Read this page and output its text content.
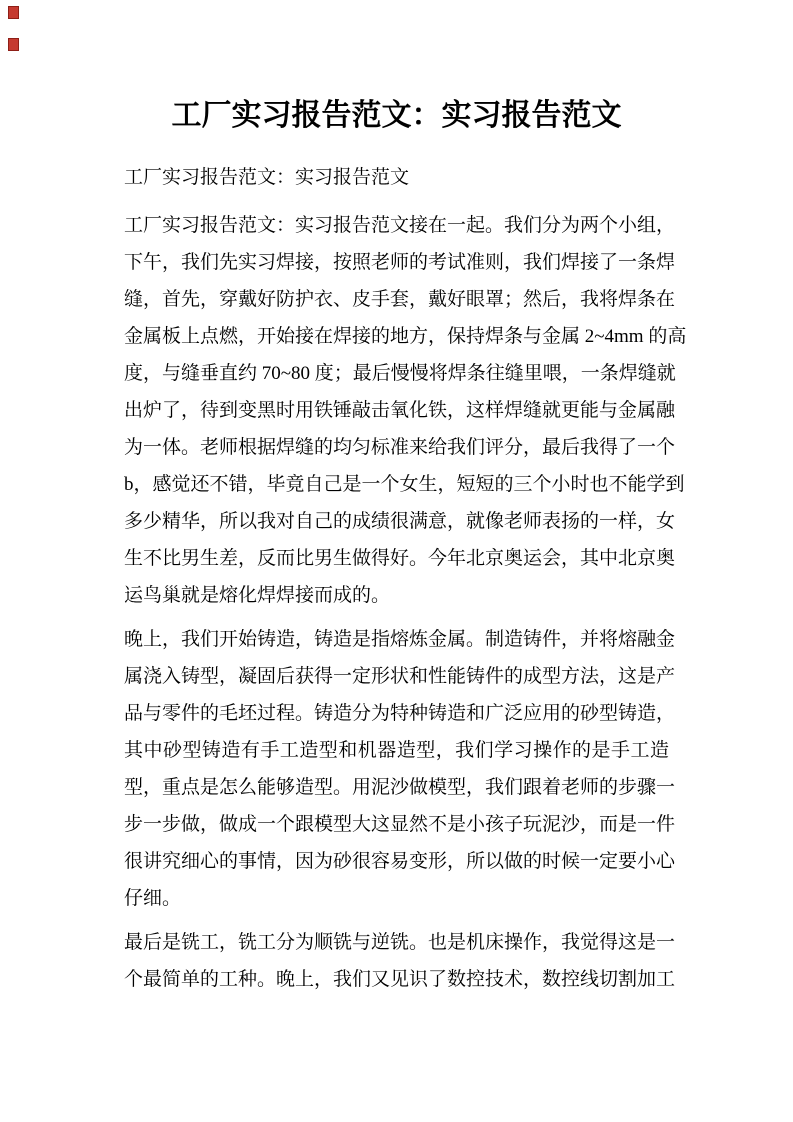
工厂实习报告范文：实习报告范文
工厂实习报告范文：实习报告范文
工厂实习报告范文：实习报告范文接在一起。我们分为两个小组，
下午，我们先实习焊接，按照老师的考试准则，我们焊接了一条焊
缝，首先，穿戴好防护衣、皮手套，戴好眼罩；然后，我将焊条在
金属板上点燃，开始接在焊接的地方，保持焊条与金属 2~4mm 的高
度，与缝垂直约 70~80 度；最后慢慢将焊条往缝里喂，一条焊缝就
出炉了，待到变黑时用铁锤敲击氧化铁，这样焊缝就更能与金属融
为一体。老师根据焊缝的均匀标准来给我们评分，最后我得了一个
b，感觉还不错，毕竟自己是一个女生，短短的三个小时也不能学到
多少精华，所以我对自己的成绩很满意，就像老师表扬的一样，女
生不比男生差，反而比男生做得好。今年北京奥运会，其中北京奥
运鸟巢就是熔化焊焊接而成的。
晚上，我们开始铸造，铸造是指熔炼金属。制造铸件，并将熔融金
属浇入铸型，凝固后获得一定形状和性能铸件的成型方法，这是产
品与零件的毛坯过程。铸造分为特种铸造和广泛应用的砂型铸造，
其中砂型铸造有手工造型和机器造型，我们学习操作的是手工造
型，重点是怎么能够造型。用泥沙做模型，我们跟着老师的步骤一
步一步做，做成一个跟模型大这显然不是小孩子玩泥沙，而是一件
很讲究细心的事情，因为砂很容易变形，所以做的时候一定要小心
仔细。
最后是铣工，铣工分为顺铣与逆铣。也是机床操作，我觉得这是一
个最简单的工种。晚上，我们又见识了数控技术，数控线切割加工
